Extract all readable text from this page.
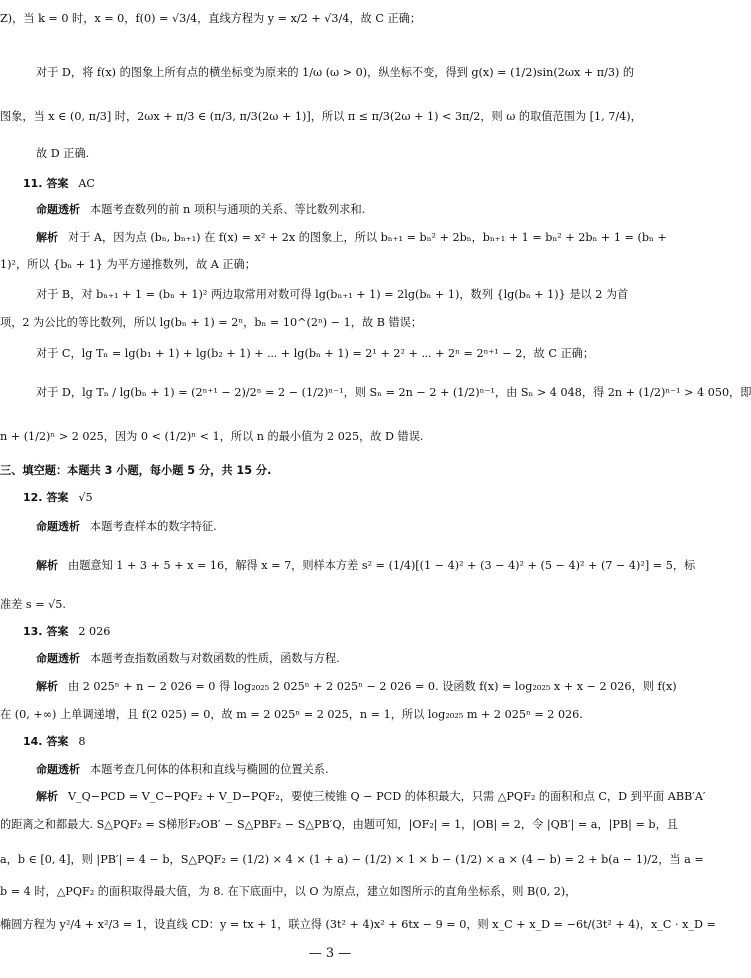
Z)，当 k = 0 时，x = 0，f(0) = √3/4，直线方程为 y = x/2 + √3/4，故 C 正确；
对于 D，将 f(x) 的图象上所有点的横坐标变为原来的 1/ω (ω > 0)，纵坐标不变，得到 g(x) = (1/2)sin(2ωx + π/3) 的
图象，当 x ∈ (0, π/3] 时，2ωx + π/3 ∈ (π/3, π/3(2ω + 1)]，所以 π ≤ π/3(2ω + 1) < 3π/2，则 ω 的取值范围为 [1, 7/4)，
故 D 正确.
11. 答案 AC
命题透析 本题考查数列的前 n 项积与通项的关系、等比数列求和.
解析 对于 A，因为点 (bₙ, bₙ₊₁) 在 f(x) = x² + 2x 的图象上，所以 bₙ₊₁ = bₙ² + 2bₙ，bₙ₊₁ + 1 = bₙ² + 2bₙ + 1 = (bₙ +
1)²，所以 {bₙ + 1} 为平方递推数列，故 A 正确；
对于 B，对 bₙ₊₁ + 1 = (bₙ + 1)² 两边取常用对数可得 lg(bₙ₊₁ + 1) = 2lg(bₙ + 1)，数列 {lg(bₙ + 1)} 是以 2 为首
项，2 为公比的等比数列，所以 lg(bₙ + 1) = 2ⁿ，bₙ = 10^(2ⁿ) − 1，故 B 错误；
对于 C，lg Tₙ = lg(b₁ + 1) + lg(b₂ + 1) + ⋯ + lg(bₙ + 1) = 2¹ + 2² + ⋯ + 2ⁿ = 2ⁿ⁺¹ − 2，故 C 正确；
对于 D，lg Tₙ / lg(bₙ + 1) = (2ⁿ⁺¹ − 2)/2ⁿ = 2 − (1/2)ⁿ⁻¹，则 Sₙ = 2n − 2 + (1/2)ⁿ⁻¹，由 Sₙ > 4 048，得 2n + (1/2)ⁿ⁻¹ > 4 050，即
n + (1/2)ⁿ > 2 025，因为 0 < (1/2)ⁿ < 1，所以 n 的最小值为 2 025，故 D 错误.
三、填空题：本题共 3 小题，每小题 5 分，共 15 分.
12. 答案 √5
命题透析 本题考查样本的数字特征.
解析 由题意知 1 + 3 + 5 + x = 16，解得 x = 7，则样本方差 s² = (1/4)[(1 − 4)² + (3 − 4)² + (5 − 4)² + (7 − 4)²] = 5，标
准差 s = √5.
13. 答案 2 026
命题透析 本题考查指数函数与对数函数的性质，函数与方程.
解析 由 2 025ⁿ + n − 2 026 = 0 得 log₂₀₂₅ 2 025ⁿ + 2 025ⁿ − 2 026 = 0. 设函数 f(x) = log₂₀₂₅ x + x − 2 026，则 f(x)
在 (0, +∞) 上单调递增，且 f(2 025) = 0，故 m = 2 025ⁿ = 2 025，n = 1，所以 log₂₀₂₅ m + 2 025ⁿ = 2 026.
14. 答案 8
命题透析 本题考查几何体的体积和直线与椭圆的位置关系.
解析 V_Q−PCD = V_C−PQF₂ + V_D−PQF₂，要使三棱锥 Q − PCD 的体积最大，只需 △PQF₂ 的面积和点 C，D 到平面 ABB′A′
的距离之和都最大. S△PQF₂ = S梯形F₂OB′ − S△PBF₂ − S△PB′Q，由题可知，|OF₂| = 1，|OB| = 2，令 |QB′| = a，|PB| = b，且
a，b ∈ [0, 4]，则 |PB′| = 4 − b，S△PQF₂ = (1/2) × 4 × (1 + a) − (1/2) × 1 × b − (1/2) × a × (4 − b) = 2 + b(a − 1)/2，当 a =
b = 4 时，△PQF₂ 的面积取得最大值，为 8. 在下底面中，以 O 为原点，建立如图所示的直角坐标系，则 B(0, 2)，
椭圆方程为 y²/4 + x²/3 = 1，设直线 CD：y = tx + 1，联立得 (3t² + 4)x² + 6tx − 9 = 0，则 x_C + x_D = −6t/(3t² + 4)，x_C · x_D =
— 3 —
